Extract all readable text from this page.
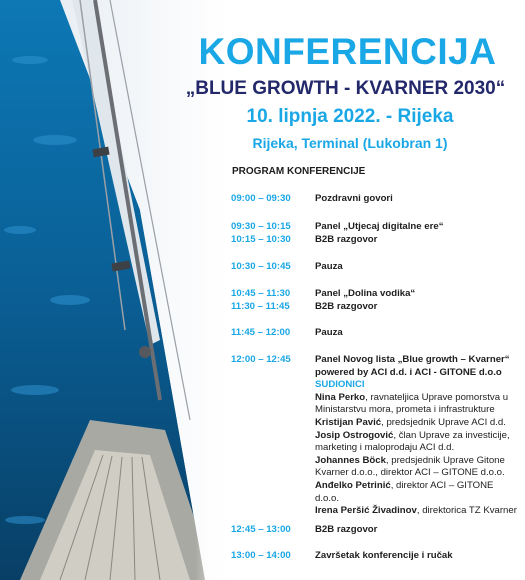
KONFERENCIJA
„BLUE GROWTH - KVARNER 2030“
10. lipnja 2022. - Rijeka
Rijeka, Terminal (Lukobran 1)
PROGRAM KONFERENCIJE
09:00 – 09:30	Pozdravni govori
09:30 – 10:15	Panel „Utjecaj digitalne ere“
10:15 – 10:30	B2B razgovor
10:30 – 10:45	Pauza
10:45 – 11:30	Panel „Dolina vodika“
11:30 – 11:45	B2B razgovor
11:45 – 12:00	Pauza
12:00 – 12:45	Panel Novog lista „Blue growth – Kvarner“ powered by ACI d.d. i ACI - GITONE d.o.o
SUDIONICI
Nina Perko, ravnateljica Uprave pomorstva u Ministarstvu mora, prometa i infrastrukture
Kristijan Pavić, predsjednik Uprave ACI d.d.
Josip Ostrogović, član Uprave za investicije, marketing i maloprodaju ACI d.d.
Johannes Böck, predsjednik Uprave Gitone Kvarner d.o.o., direktor ACI – GITONE d.o.o.
Anđelko Petrinić, direktor ACI – GITONE d.o.o.
Irena Peršić Živadinov, direktorica TZ Kvarner
12:45 – 13:00	B2B razgovor
13:00 – 14:00	Završetak konferencije i ručak
